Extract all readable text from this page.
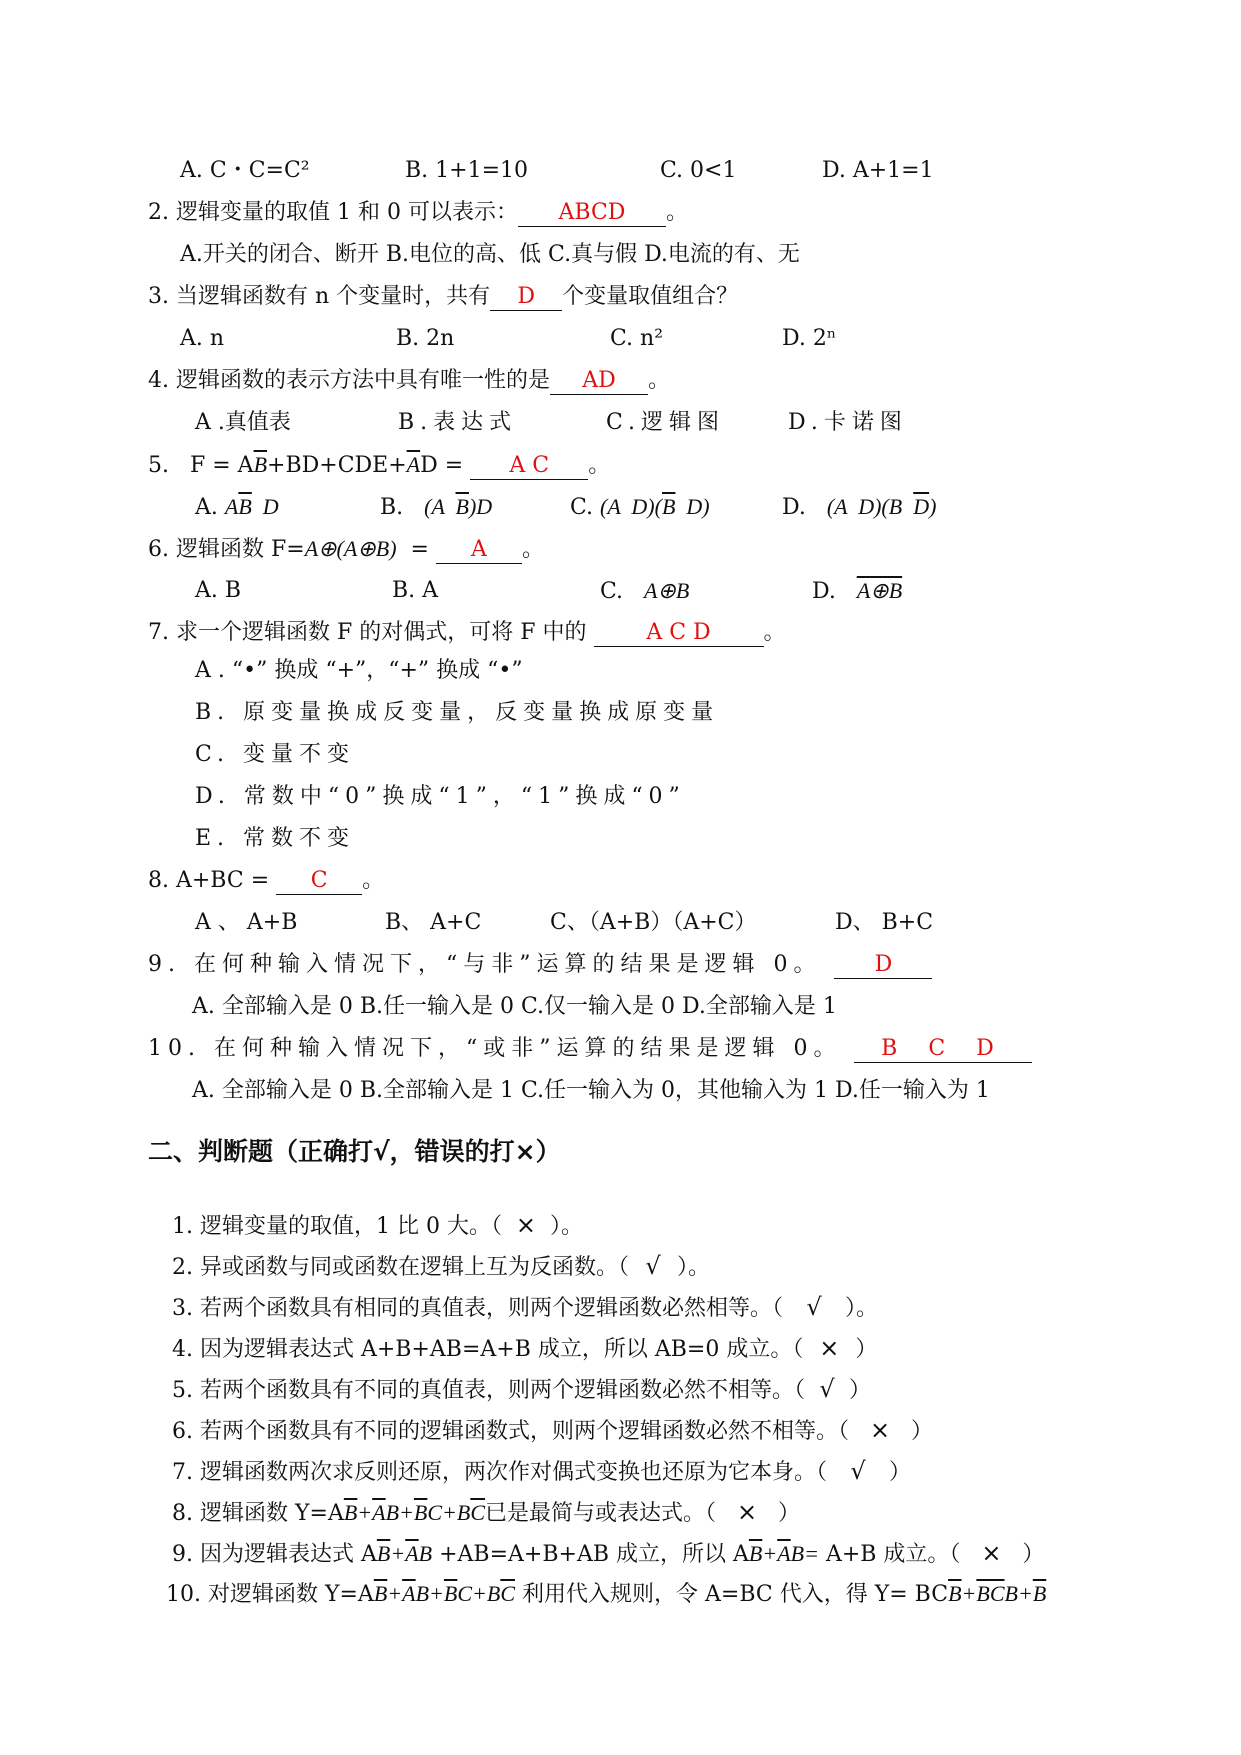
A. C・C=C²	B. 1+1=10	C. 0<1	D. A+1=1
2. 逻辑变量的取值 1 和 0 可以表示： ABCD 。
A.开关的闭合、断开 B.电位的高、低 C.真与假 D.电流的有、无
3. 当逻辑函数有 n 个变量时，共有 D 个变量取值组合？
A. n	B. 2n	C. n²	D. 2ⁿ
4. 逻辑函数的表示方法中具有唯一性的是 AD 。
A .真值表	B.表达式	C.逻辑图	D.卡诺图
5.   $F = A\overline{B}+BD+CDE+\overline{A}D = A$ C 。
A. $A\overline{B}$  D	B. (A  $\overline{B})D$	C. (A  $D)(\overline{B}$  D)	D. (A  D)(B  $\overline{D}$)
6. 逻辑函数 F=A⊕(A⊕B)  = A 。
A. B	B. A	C. A⊕B	D. A⊕B
7. 求一个逻辑函数 F 的对偶式，可将 F 中的	A C D 。
A . “•” 换成 “+”，“+” 换成 “•”
B. 原变量换成反变量，反变量换成原变量
C. 变量不变
D. 常数中“0”换成“1”，“1”换成“0”
E. 常数不变
8. A+BC = C 。
A 、 A+B	B、 A+C	C、（A+B）（A+C）	D、 B+C
9. 在何种输入情况下，“与非”运算的结果是逻辑 0。 D
A. 全部输入是 0 B.任一输入是 0 C.仅一输入是 0 D.全部输入是 1
10. 在何种输入情况下，“或非”运算的结果是逻辑 0。 B C D
A. 全部输入是 0 B.全部输入是 1 C.任一输入为 0，其他输入为 1 D.任一输入为 1
二、判断题（正确打√，错误的打×）
1. 逻辑变量的取值，1 比 0 大。（ × ）。
2. 异或函数与同或函数在逻辑上互为反函数。（ √ ）。
3. 若两个函数具有相同的真值表，则两个逻辑函数必然相等。（ √ ）。
4. 因为逻辑表达式 A+B+AB=A+B 成立，所以 AB=0 成立。（ × ）
5. 若两个函数具有不同的真值表，则两个逻辑函数必然不相等。（ √ ）
6. 若两个函数具有不同的逻辑函数式，则两个逻辑函数必然不相等。（ × ）
7. 逻辑函数两次求反则还原，两次作对偶式变换也还原为它本身。（ √ ）
8. 逻辑函数 $Y=A\overline{B}+\overline{A}B+\overline{B}C+B\overline{C}$已是最简与或表达式。（ × ）
9. 因为逻辑表达式 $A\overline{B}+\overline{A}B +AB=A+B+AB$ 成立，所以 $A\overline{B}+\overline{A}B= A+B$ 成立。（ × ）
10. 对逻辑函数 $Y=A\overline{B}+\overline{A}B+\overline{B}C+B\overline{C}$ 利用代入规则，令 A=BC 代入，得 $Y= BC\overline{B}+\overline{BC}B+\overline{B}$
